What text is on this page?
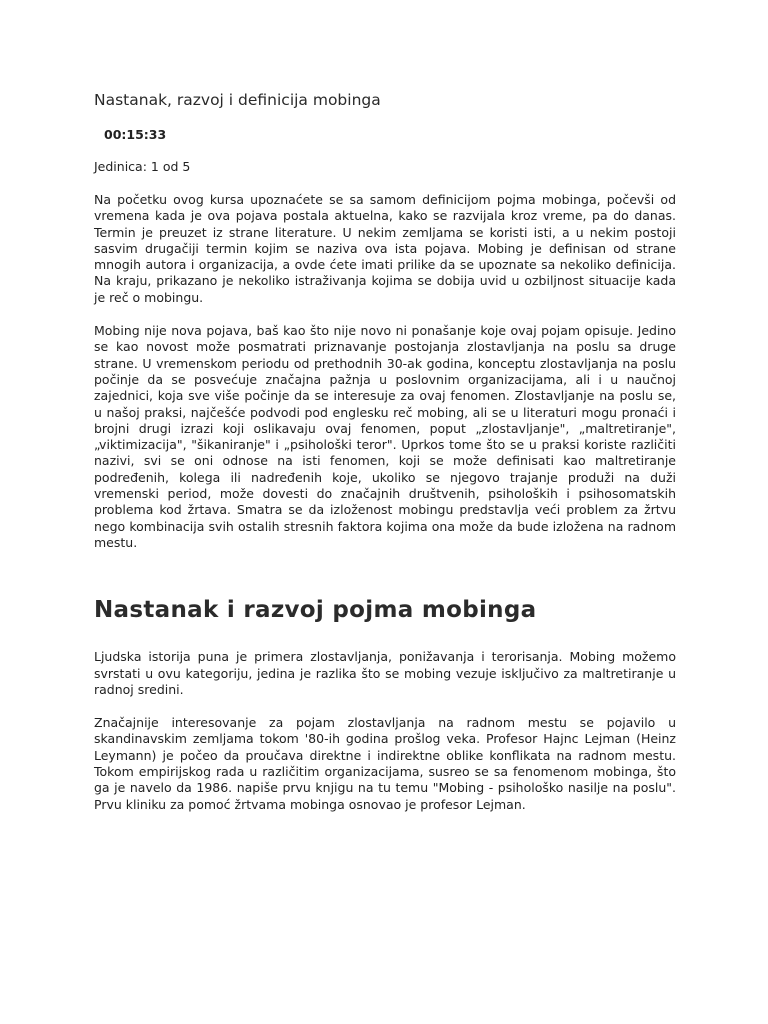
Nastanak, razvoj i definicija mobinga
00:15:33
Jedinica: 1 od 5

Na početku ovog kursa upoznaćete se sa samom definicijom pojma mobinga, počevši od vremena kada je ova pojava postala aktuelna, kako se razvijala kroz vreme, pa do danas. Termin je preuzet iz strane literature. U nekim zemljama se koristi isti, a u nekim postoji sasvim drugačiji termin kojim se naziva ova ista pojava. Mobing je definisan od strane mnogih autora i organizacija, a ovde ćete imati prilike da se upoznate sa nekoliko definicija. Na kraju, prikazano je nekoliko istraživanja kojima se dobija uvid u ozbiljnost situacije kada je reč o mobingu.

Mobing nije nova pojava, baš kao što nije novo ni ponašanje koje ovaj pojam opisuje. Jedino se kao novost može posmatrati priznavanje postojanja zlostavljanja na poslu sa druge strane. U vremenskom periodu od prethodnih 30-ak godina, konceptu zlostavljanja na poslu počinje da se posvećuje značajna pažnja u poslovnim organizacijama, ali i u naučnoj zajednici, koja sve više počinje da se interesuje za ovaj fenomen. Zlostavljanje na poslu se, u našoj praksi, najčešće podvodi pod englesku reč mobing, ali se u literaturi mogu pronaći i brojni drugi izrazi koji oslikavaju ovaj fenomen, poput „zlostavljanje", „maltretiranje", „viktimizacija", "šikaniranje" i „psihološki teror". Uprkos tome što se u praksi koriste različiti nazivi, svi se oni odnose na isti fenomen, koji se može definisati kao maltretiranje podređenih, kolega ili nadređenih koje, ukoliko se njegovo trajanje produži na duži vremenski period, može dovesti do značajnih društvenih, psiholoških i psihosomatskih problema kod žrtava. Smatra se da izloženost mobingu predstavlja veći problem za žrtvu nego kombinacija svih ostalih stresnih faktora kojima ona može da bude izložena na radnom mestu.

Nastanak i razvoj pojma mobinga

Ljudska istorija puna je primera zlostavljanja, ponižavanja i terorisanja. Mobing možemo svrstati u ovu kategoriju, jedina je razlika što se mobing vezuje isključivo za maltretiranje u radnoj sredini.

Značajnije interesovanje za pojam zlostavljanja na radnom mestu se pojavilo u skandinavskim zemljama tokom '80-ih godina prošlog veka. Profesor Hajnc Lejman (Heinz Leymann) je počeo da proučava direktne i indirektne oblike konflikata na radnom mestu. Tokom empirijskog rada u različitim organizacijama, susreo se sa fenomenom mobinga, što ga je navelo da 1986. napiše prvu knjigu na tu temu "Mobing - psihološko nasilje na poslu". Prvu kliniku za pomoć žrtvama mobinga osnovao je profesor Lejman.
